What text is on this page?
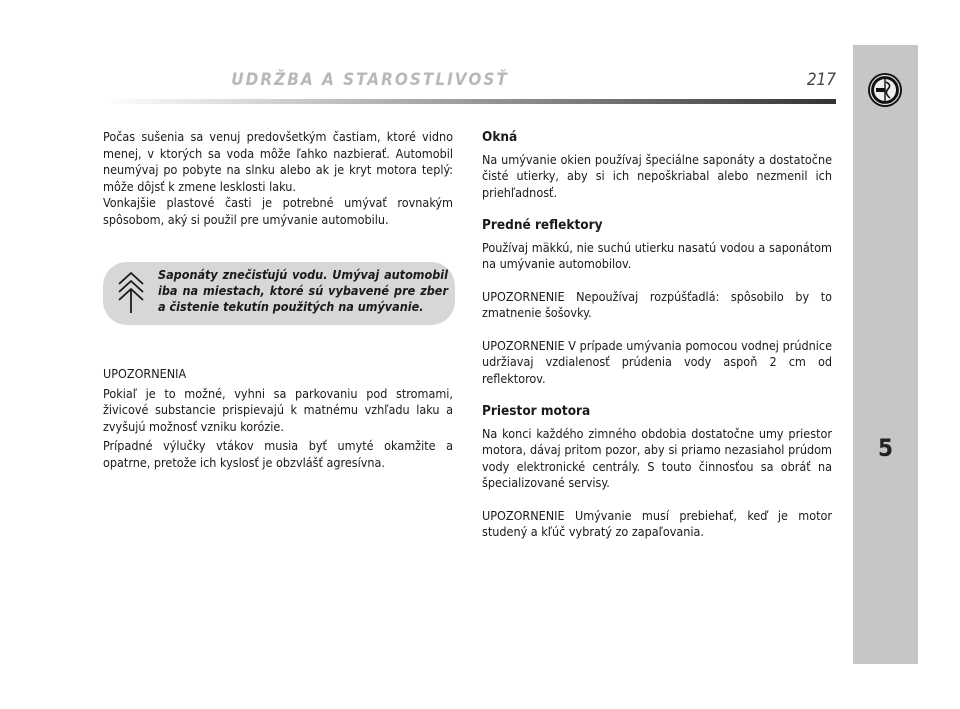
UDRŽBA A STAROSTLIVOSŤ	217
5

Počas sušenia sa venuj predovšetkým častiam, ktoré vidno menej, v ktorých sa voda môže ľahko nazbierať. Automobil neumývaj po pobyte na slnku alebo ak je kryt motora teplý: môže dôjsť k zmene lesklosti laku.

Vonkajšie plastové časti je potrebné umývať rovnakým spôsobom, aký si použil pre umývanie automobilu.

Saponáty znečisťujú vodu. Umývaj automobil iba na miestach, ktoré sú vybavené pre zber a čistenie tekutín použitých na umývanie.

UPOZORNENIA

Pokiaľ je to možné, vyhni sa parkovaniu pod stromami, živicové substancie prispievajú k matnému vzhľadu laku a zvyšujú možnosť vzniku korózie.

Prípadné výlučky vtákov musia byť umyté okamžite a opatrne, pretože ich kyslosť je obzvlášť agresívna.

Okná

Na umývanie okien používaj špeciálne saponáty a dostatočne čisté utierky, aby si ich nepoškriabal alebo nezmenil ich priehľadnosť.

Predné reflektory

Používaj mäkkú, nie suchú utierku nasatú vodou a saponátom na umývanie automobilov.

UPOZORNENIE Nepoužívaj rozpúšťadlá: spôsobilo by to zmatnenie šošovky.

UPOZORNENIE V prípade umývania pomocou vodnej prúdnice udržiavaj vzdialenosť prúdenia vody aspoň 2 cm od reflektorov.

Priestor motora

Na konci každého zimného obdobia dostatočne umy priestor motora, dávaj pritom pozor, aby si priamo nezasiahol prúdom vody elektronické centrály. S touto činnosťou sa obráť na špecializované servisy.

UPOZORNENIE Umývanie musí prebiehať, keď je motor studený a kľúč vybratý zo zapaľovania.
